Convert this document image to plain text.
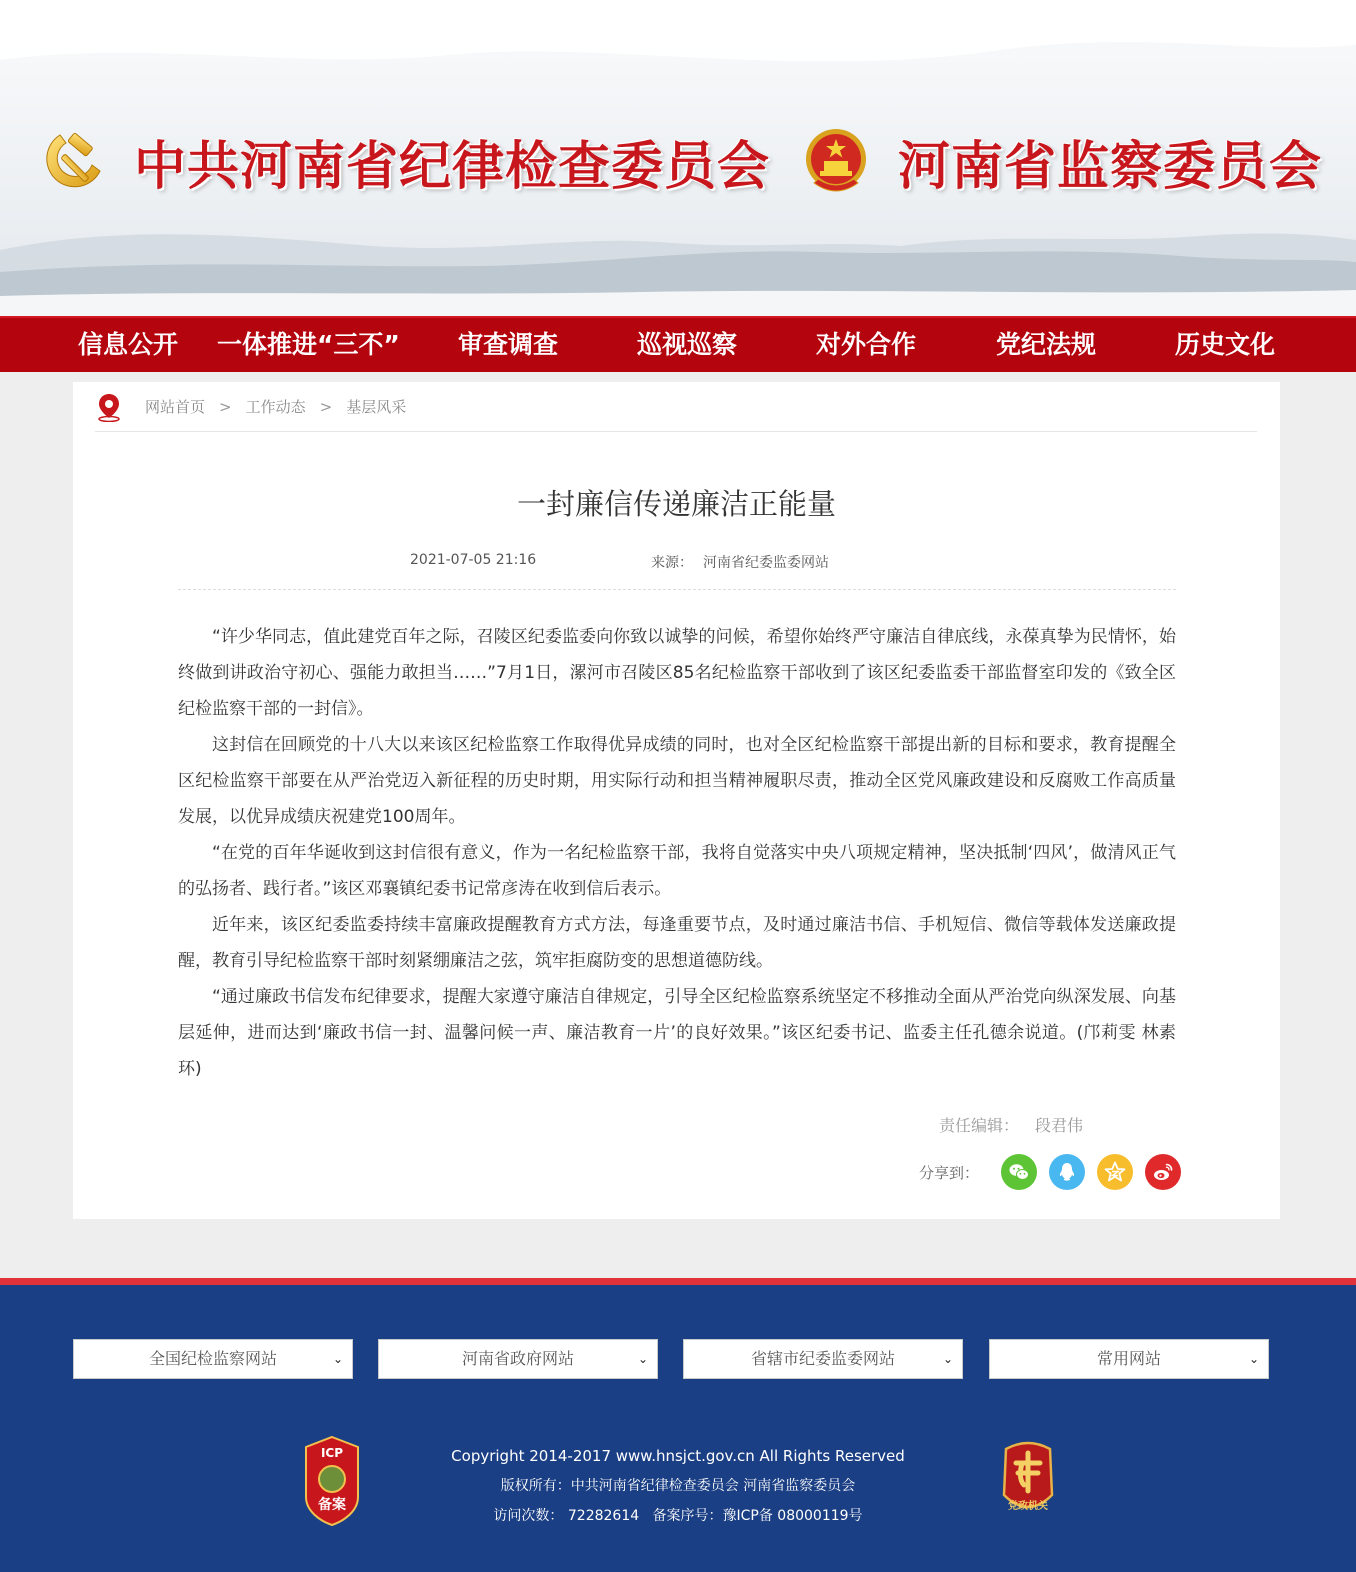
中共河南省纪律检查委员会 河南省监察委员会
信息公开 一体推进“三不” 审查调查	巡视巡察	对外合作	党纪法规	历史文化
网站首页 > 工作动态 > 基层风采
一封廉信传递廉洁正能量
2021-07-05 21:16	来源： 河南省纪委监委网站

“许少华同志，值此建党百年之际，召陵区纪委监委向你致以诚挚的问候，希望你始终严守廉洁自律底线，永葆真挚为民情怀，始终做到讲政治守初心、强能力敢担当……”7月1日，漯河市召陵区85名纪检监察干部收到了该区纪委监委干部监督室印发的《致全区纪检监察干部的一封信》。

这封信在回顾党的十八大以来该区纪检监察工作取得优异成绩的同时，也对全区纪检监察干部提出新的目标和要求，教育提醒全区纪检监察干部要在从严治党迈入新征程的历史时期，用实际行动和担当精神履职尽责，推动全区党风廉政建设和反腐败工作高质量发展，以优异成绩庆祝建党100周年。

“在党的百年华诞收到这封信很有意义，作为一名纪检监察干部，我将自觉落实中央八项规定精神，坚决抵制‘四风’，做清风正气的弘扬者、践行者。”该区邓襄镇纪委书记常彦涛在收到信后表示。

近年来，该区纪委监委持续丰富廉政提醒教育方式方法，每逢重要节点，及时通过廉洁书信、手机短信、微信等载体发送廉政提醒，教育引导纪检监察干部时刻紧绷廉洁之弦，筑牢拒腐防变的思想道德防线。

“通过廉政书信发布纪律要求，提醒大家遵守廉洁自律规定，引导全区纪检监察系统坚定不移推动全面从严治党向纵深发展、向基层延伸，进而达到‘廉政书信一封、温馨问候一声、廉洁教育一片’的良好效果。”该区纪委书记、监委主任孔德余说道。(邝莉雯 林素环)

责任编辑： 段君伟
分享到：
全国纪检监察网站	⌄	河南省政府网站	⌄	省辖市纪委监委网站	⌄	常用网站	⌄
ICP
备案
Copyright 2014-2017 www.hnsjct.gov.cn All Rights Reserved
版权所有：中共河南省纪律检查委员会 河南省监察委员会
访问次数： 72282614 备案序号：豫ICP备 08000119号
党政机关
